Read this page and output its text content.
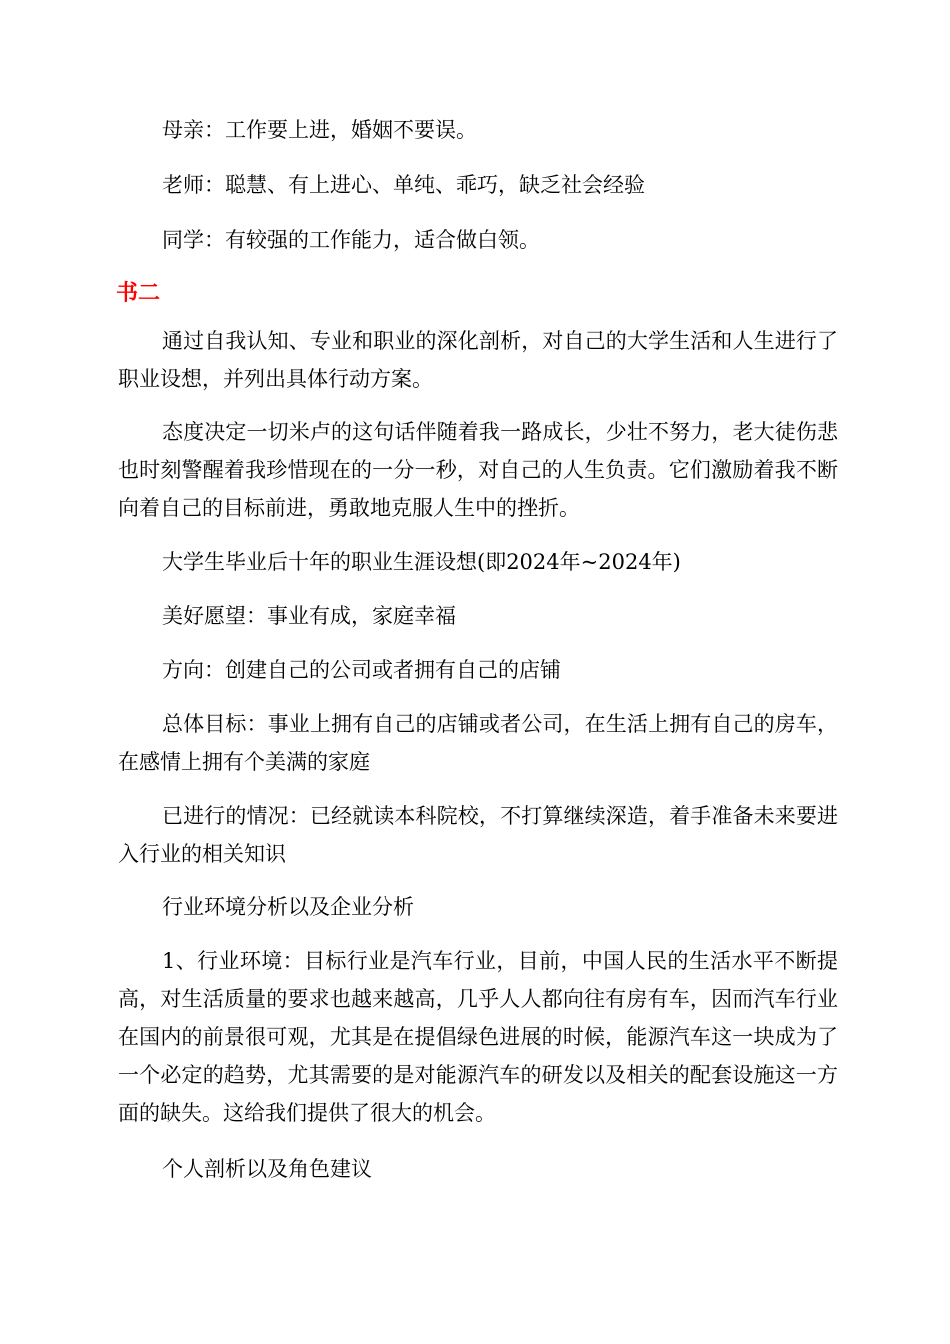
母亲：工作要上进，婚姻不要误。

老师：聪慧、有上进心、单纯、乖巧，缺乏社会经验

同学：有较强的工作能力，适合做白领。

书二

通过自我认知、专业和职业的深化剖析，对自己的大学生活和人生进行了职业设想，并列出具体行动方案。

态度决定一切米卢的这句话伴随着我一路成长，少壮不努力，老大徒伤悲也时刻警醒着我珍惜现在的一分一秒，对自己的人生负责。它们激励着我不断向着自己的目标前进，勇敢地克服人生中的挫折。

大学生毕业后十年的职业生涯设想(即2024年~2024年)

美好愿望：事业有成，家庭幸福

方向：创建自己的公司或者拥有自己的店铺

总体目标：事业上拥有自己的店铺或者公司，在生活上拥有自己的房车，在感情上拥有个美满的家庭

已进行的情况：已经就读本科院校，不打算继续深造，着手准备未来要进入行业的相关知识

行业环境分析以及企业分析

1、行业环境：目标行业是汽车行业，目前，中国人民的生活水平不断提高，对生活质量的要求也越来越高，几乎人人都向往有房有车，因而汽车行业在国内的前景很可观，尤其是在提倡绿色进展的时候，能源汽车这一块成为了一个必定的趋势，尤其需要的是对能源汽车的研发以及相关的配套设施这一方面的缺失。这给我们提供了很大的机会。

个人剖析以及角色建议
